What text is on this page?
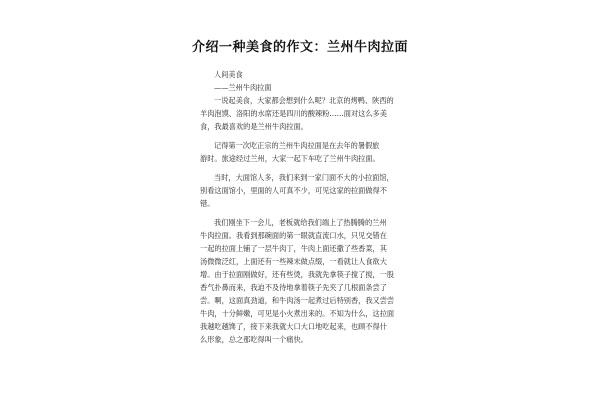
介绍一种美食的作文：兰州牛肉拉面
人间美食
——兰州牛肉拉面
一说起美食，大家都会想到什么呢？北京的烤鸭、陕西的
羊肉泡馍、洛阳的水席还是四川的酸辣粉……面对这么多美
食，我最喜欢的是兰州牛肉拉面。
记得第一次吃正宗的兰州牛肉拉面是在去年的暑假旅
游时。旅途经过兰州，大家一起下车吃了兰州牛肉拉面。
当时，大面馆人多，我们来到一家门面不大的小拉面馆，
别看这面馆小，里面的人可真不少，可见这家的拉面做得不
错。
我们刚坐下一会儿，老板就给我们端上了热腾腾的兰州
牛肉拉面。我看到那碗面的第一眼就直流口水，只见交错在
一起的拉面上铺了一层牛肉丁，牛肉上面还撒了些香菜，其
汤微微泛红，上面还有一些辣末做点缀，一看就让人食欲大
增。由于拉面刚做好，还有些烫，我就先拿筷子搅了搅，一股
香气扑鼻而来，我迫不及待地拿着筷子先夹了几根面条尝了
尝。啊，这面真劲道，和牛肉汤一起煮过后特别香，我又尝尝
牛肉，十分鲜嫩，可见是小火煮出来的。不知为什么，这拉面
我越吃越馋了，接下来我就大口大口地吃起来，也顾不得什
么形象，总之那吃得叫一个痛快。
